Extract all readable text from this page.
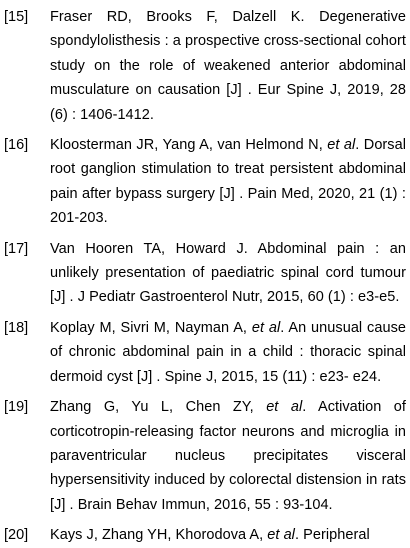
[15]	Fraser RD, Brooks F, Dalzell K. Degenerative spondylolisthesis : a prospective cross-sectional cohort study on the role of weakened anterior abdominal musculature on causation [J] . Eur Spine J, 2019, 28 (6) : 1406-1412.
[16]	Kloosterman JR, Yang A, van Helmond N, et al. Dorsal root ganglion stimulation to treat persistent abdominal pain after bypass surgery [J] . Pain Med, 2020, 21 (1) : 201-203.
[17]	Van Hooren TA, Howard J. Abdominal pain : an unlikely presentation of paediatric spinal cord tumour [J] . J Pediatr Gastroenterol Nutr, 2015, 60 (1) : e3-e5.
[18]	Koplay M, Sivri M, Nayman A, et al. An unusual cause of chronic abdominal pain in a child : thoracic spinal dermoid cyst [J] . Spine J, 2015, 15 (11) : e23- e24.
[19]	Zhang G, Yu L, Chen ZY, et al. Activation of corticotropin-releasing factor neurons and microglia in paraventricular nucleus precipitates visceral hypersensitivity induced by colorectal distension in rats [J] . Brain Behav Immun, 2016, 55 : 93-104.
[20]	Kays J, Zhang YH, Khorodova A, et al. Peripheral
